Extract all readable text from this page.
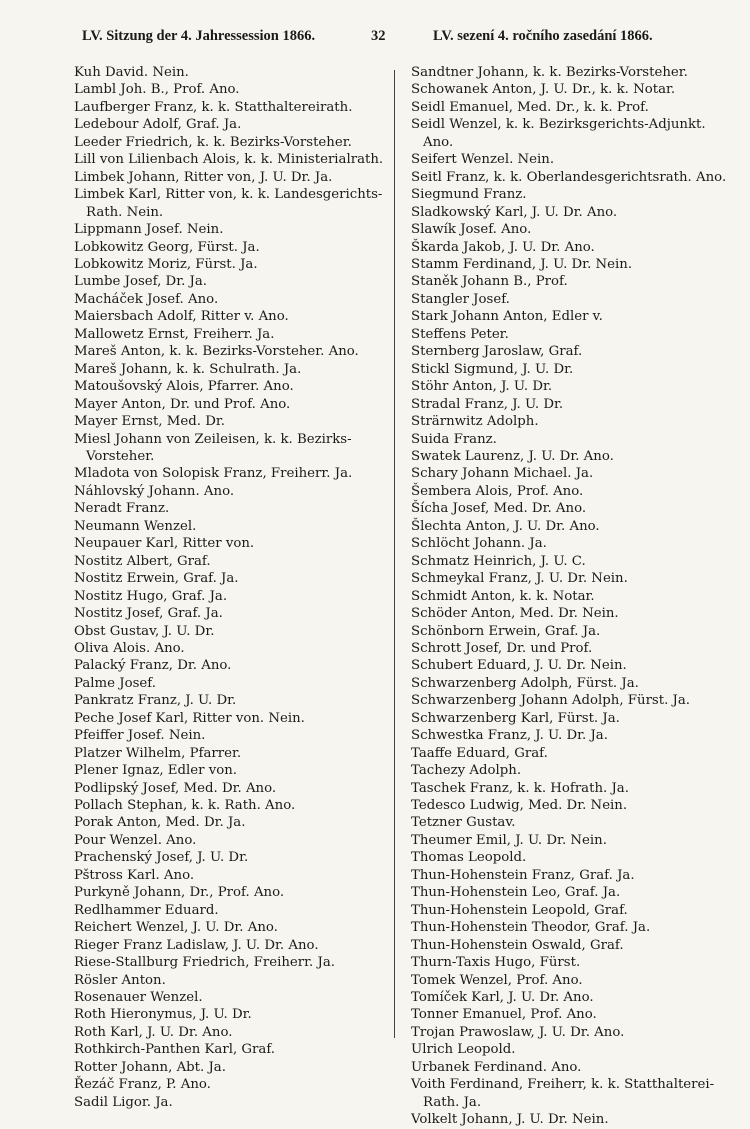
LV. Sitzung der 4. Jahressession 1866.	32	LV. sezení 4. ročního zasedání 1866.
Kuh David. Nein.
Lambl Joh. B., Prof. Ano.
Laufberger Franz, k. k. Statthaltereirath.
Ledebour Adolf, Graf. Ja.
Leeder Friedrich, k. k. Bezirks-Vorsteher.
Lill von Lilienbach Alois, k. k. Ministerialrath.
Limbek Johann, Ritter von, J. U. Dr. Ja.
Limbek Karl, Ritter von, k. k. Landesgerichts-Rath. Nein.
Lippmann Josef. Nein.
Lobkowitz Georg, Fürst. Ja.
Lobkowitz Moriz, Fürst. Ja.
Lumbe Josef, Dr. Ja.
Macháček Josef. Ano.
Maiersbach Adolf, Ritter v. Ano.
Mallowetz Ernst, Freiherr. Ja.
Mareš Anton, k. k. Bezirks-Vorsteher. Ano.
Mareš Johann, k. k. Schulrath. Ja.
Matoušovský Alois, Pfarrer. Ano.
Mayer Anton, Dr. und Prof. Ano.
Mayer Ernst, Med. Dr.
Miesl Johann von Zeileisen, k. k. Bezirks-Vorsteher.
Mladota von Solopisk Franz, Freiherr. Ja.
Náhlovský Johann. Ano.
Neradt Franz.
Neumann Wenzel.
Neupauer Karl, Ritter von.
Nostitz Albert, Graf.
Nostitz Erwein, Graf. Ja.
Nostitz Hugo, Graf. Ja.
Nostitz Josef, Graf. Ja.
Obst Gustav, J. U. Dr.
Oliva Alois. Ano.
Palacký Franz, Dr. Ano.
Palme Josef.
Pankratz Franz, J. U. Dr.
Peche Josef Karl, Ritter von. Nein.
Pfeiffer Josef. Nein.
Platzer Wilhelm, Pfarrer.
Plener Ignaz, Edler von.
Podlipský Josef, Med. Dr. Ano.
Pollach Stephan, k. k. Rath. Ano.
Porak Anton, Med. Dr. Ja.
Pour Wenzel. Ano.
Prachenský Josef, J. U. Dr.
Pštross Karl. Ano.
Purkyně Johann, Dr., Prof. Ano.
Redlhammer Eduard.
Reichert Wenzel, J. U. Dr. Ano.
Rieger Franz Ladislaw, J. U. Dr. Ano.
Riese-Stallburg Friedrich, Freiherr. Ja.
Rösler Anton.
Rosenauer Wenzel.
Roth Hieronymus, J. U. Dr.
Roth Karl, J. U. Dr. Ano.
Rothkirch-Panthen Karl, Graf.
Rotter Johann, Abt. Ja.
Řezáč Franz, P. Ano.
Sadil Ligor. Ja.
Sandtner Johann, k. k. Bezirks-Vorsteher.
Schowanek Anton, J. U. Dr., k. k. Notar.
Seidl Emanuel, Med. Dr., k. k. Prof.
Seidl Wenzel, k. k. Bezirksgerichts-Adjunkt. Ano.
Seifert Wenzel. Nein.
Seitl Franz, k. k. Oberlandesgerichtsrath. Ano.
Siegmund Franz.
Sladkowský Karl, J. U. Dr. Ano.
Slawík Josef. Ano.
Škarda Jakob, J. U. Dr. Ano.
Stamm Ferdinand, J. U. Dr. Nein.
Staněk Johann B., Prof.
Stangler Josef.
Stark Johann Anton, Edler v.
Steffens Peter.
Sternberg Jaroslaw, Graf.
Stickl Sigmund, J. U. Dr.
Stöhr Anton, J. U. Dr.
Stradal Franz, J. U. Dr.
Strärnwitz Adolph.
Suida Franz.
Swatek Laurenz, J. U. Dr. Ano.
Schary Johann Michael. Ja.
Šembera Alois, Prof. Ano.
Šícha Josef, Med. Dr. Ano.
Šlechta Anton, J. U. Dr. Ano.
Schlöcht Johann. Ja.
Schmatz Heinrich, J. U. C.
Schmeykal Franz, J. U. Dr. Nein.
Schmidt Anton, k. k. Notar.
Schöder Anton, Med. Dr. Nein.
Schönborn Erwein, Graf. Ja.
Schrott Josef, Dr. und Prof.
Schubert Eduard, J. U. Dr. Nein.
Schwarzenberg Adolph, Fürst. Ja.
Schwarzenberg Johann Adolph, Fürst. Ja.
Schwarzenberg Karl, Fürst. Ja.
Schwestka Franz, J. U. Dr. Ja.
Taaffe Eduard, Graf.
Tachezy Adolph.
Taschek Franz, k. k. Hofrath. Ja.
Tedesco Ludwig, Med. Dr. Nein.
Tetzner Gustav.
Theumer Emil, J. U. Dr. Nein.
Thomas Leopold.
Thun-Hohenstein Franz, Graf. Ja.
Thun-Hohenstein Leo, Graf. Ja.
Thun-Hohenstein Leopold, Graf.
Thun-Hohenstein Theodor, Graf. Ja.
Thun-Hohenstein Oswald, Graf.
Thurn-Taxis Hugo, Fürst.
Tomek Wenzel, Prof. Ano.
Tomíček Karl, J. U. Dr. Ano.
Tonner Emanuel, Prof. Ano.
Trojan Prawoslaw, J. U. Dr. Ano.
Ulrich Leopold.
Urbanek Ferdinand. Ano.
Voith Ferdinand, Freiherr, k. k. Statthalterei-Rath. Ja.
Volkelt Johann, J. U. Dr. Nein.
